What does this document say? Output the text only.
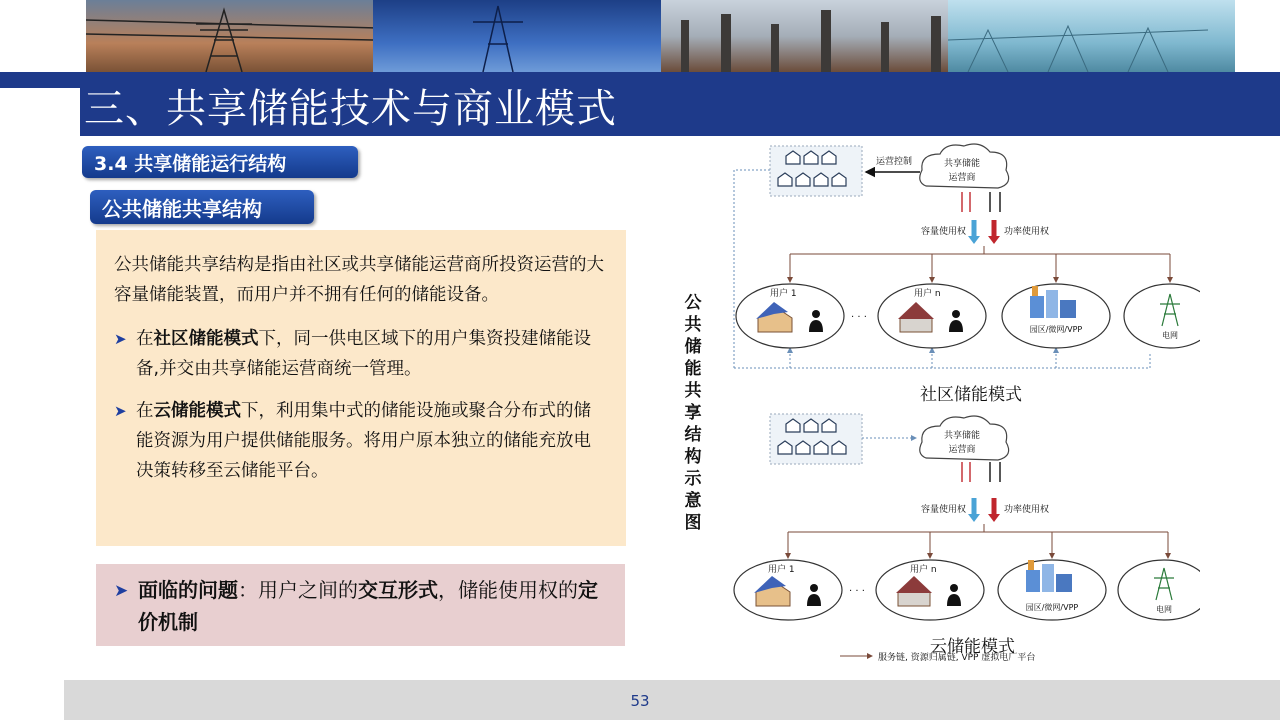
三、共享储能技术与商业模式
3.4 共享储能运行结构
公共储能共享结构

公共储能共享结构是指由社区或共享储能运营商所投资运营的大容量储能装置，而用户并不拥有任何的储能设备。

➤ 在社区储能模式下，同一供电区域下的用户集资投建储能设备,并交由共享储能运营商统一管理。
➤ 在云储能模式下，利用集中式的储能设施或聚合分布式的储能资源为用户提供储能服务。将用户原本独立的储能充放电决策转移至云储能平台。
➤ 面临的问题：用户之间的交互形式，储能使用权的定价机制
公
共
储
能
共
享
结
构
示
意
图
运营控制	共享储能
运营商
容量使用权	功率使用权
用户 1	用户 n
· · ·
园区/微网/VPP
电网
共享储能
运营商
容量使用权	功率使用权
用户 1	用户 n
· · ·
园区/微网/VPP	电网
服务链, 资源归属链, VPP 虚拟电厂平台
社区储能模式
云储能模式
53
